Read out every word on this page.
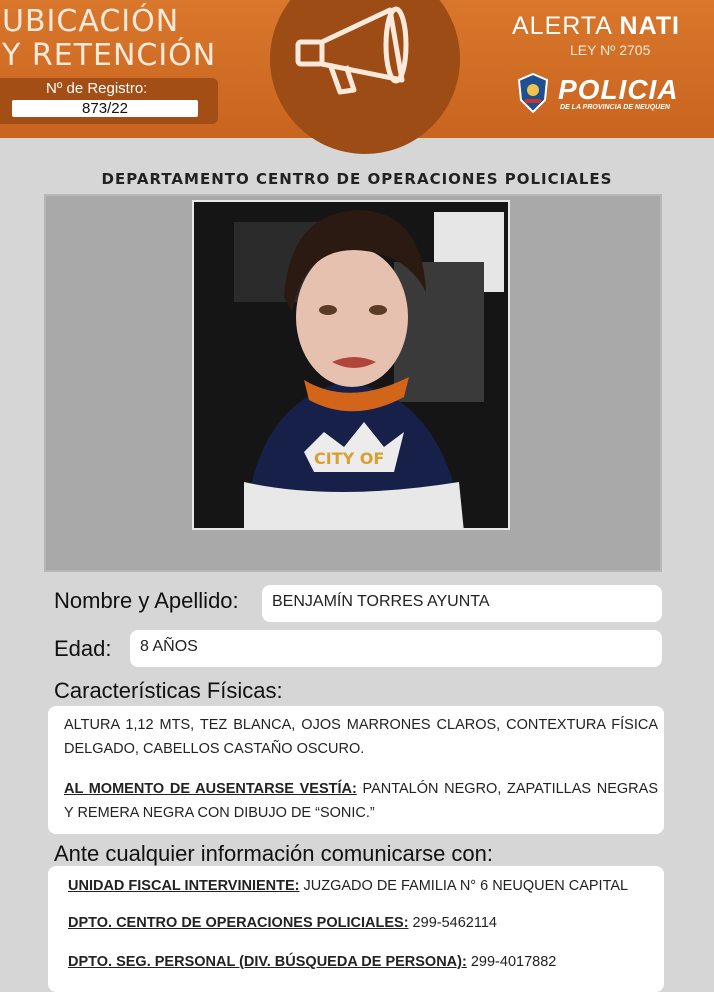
UBICACIÓN
Y RETENCIÓN
Nº de Registro:
873/22
ALERTA NATI
LEY Nº 2705
POLICIA
DE LA PROVINCIA DE NEUQUEN
DEPARTAMENTO CENTRO DE OPERACIONES POLICIALES
CITY OF
Nombre y Apellido:	BENJAMÍN TORRES AYUNTA
Edad:	8 AÑOS
Características Físicas:
ALTURA 1,12 MTS, TEZ BLANCA, OJOS MARRONES CLAROS, CONTEXTURA FÍSICA DELGADO, CABELLOS CASTAÑO OSCURO.
AL MOMENTO DE AUSENTARSE VESTÍA: PANTALÓN NEGRO, ZAPATILLAS NEGRAS Y REMERA NEGRA CON DIBUJO DE “SONIC.”
Ante cualquier información comunicarse con:
UNIDAD FISCAL INTERVINIENTE: JUZGADO DE FAMILIA N° 6 NEUQUEN CAPITAL
DPTO. CENTRO DE OPERACIONES POLICIALES: 299-5462114
DPTO. SEG. PERSONAL (DIV. BÚSQUEDA DE PERSONA): 299-4017882
